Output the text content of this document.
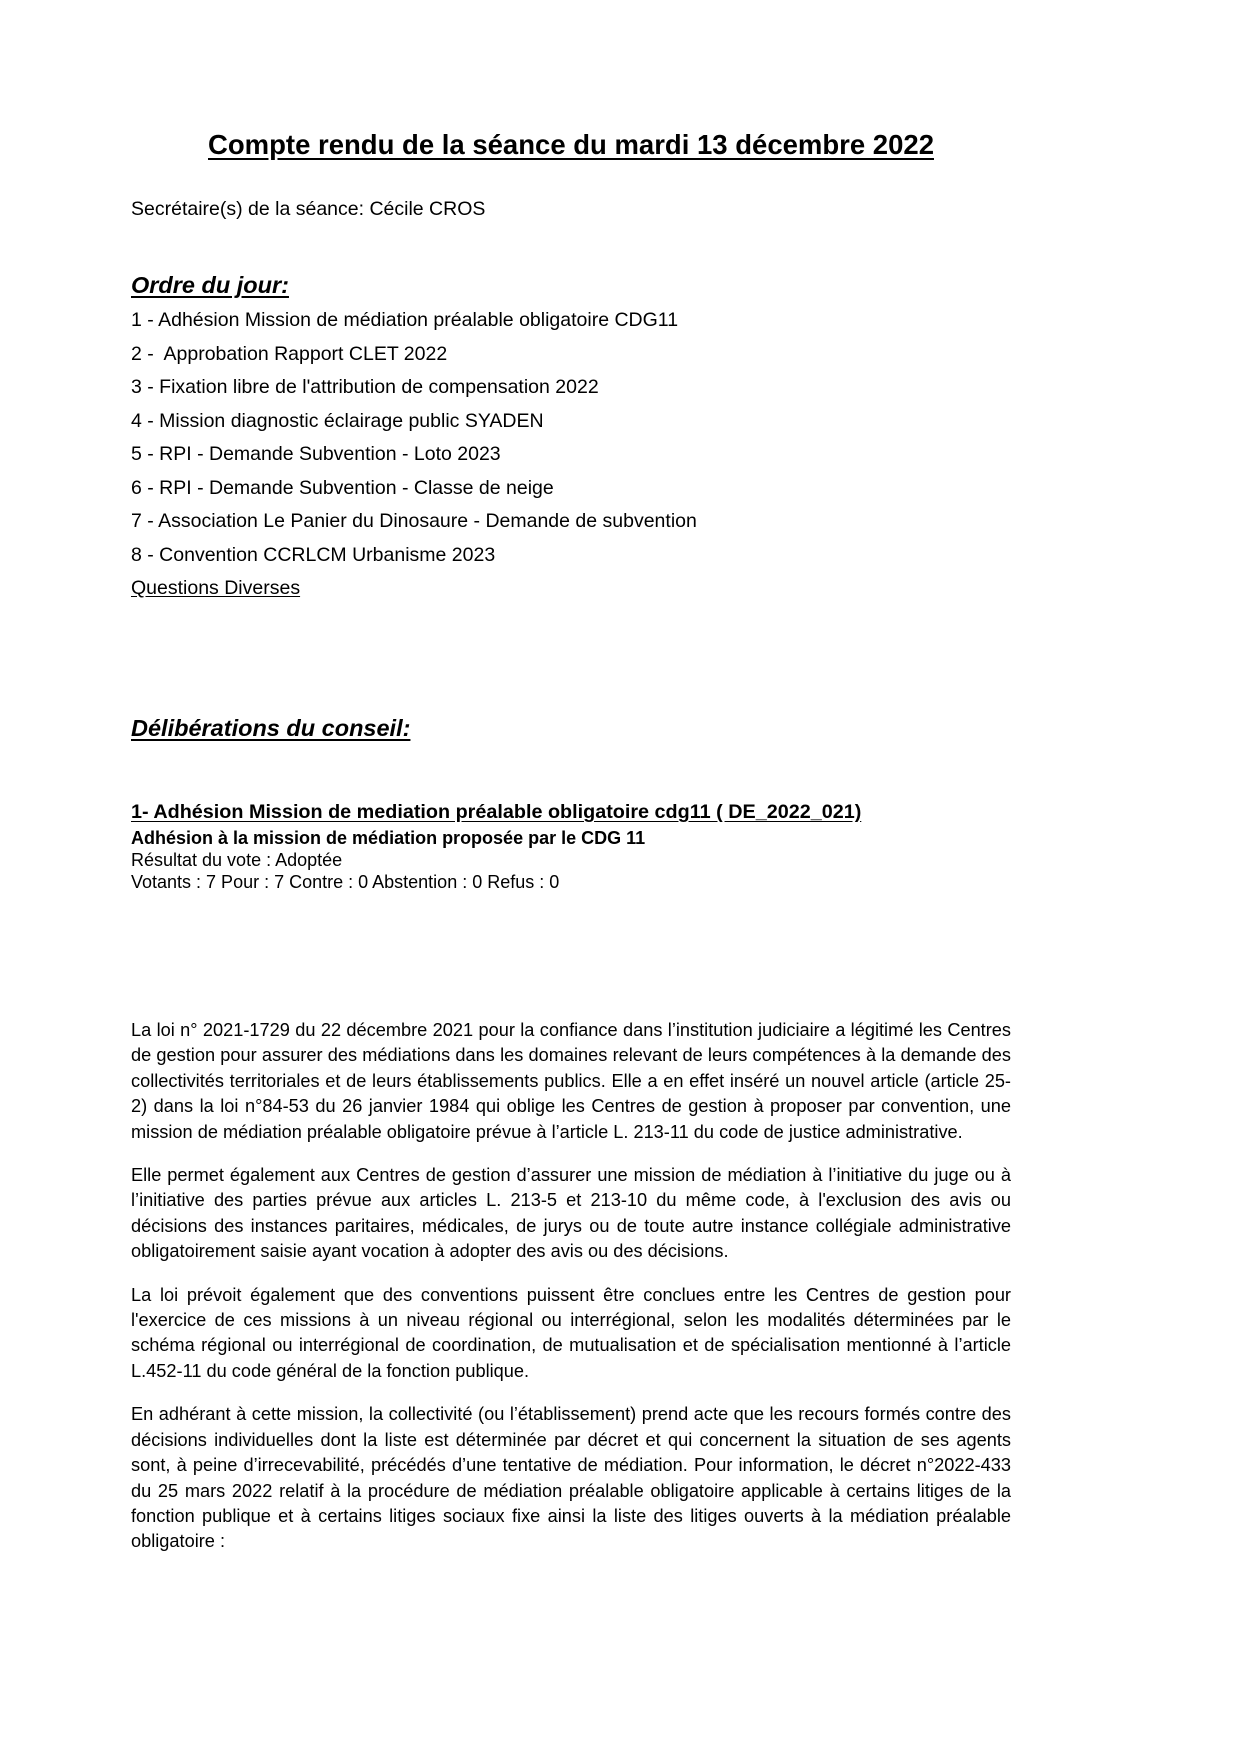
Compte rendu de la séance du mardi 13 décembre 2022
Secrétaire(s) de la séance: Cécile CROS
Ordre du jour:
1 - Adhésion Mission de médiation préalable obligatoire CDG11
2 -  Approbation Rapport CLET 2022
3 - Fixation libre de l'attribution de compensation 2022
4 - Mission diagnostic éclairage public SYADEN
5 - RPI - Demande Subvention - Loto 2023
6 - RPI - Demande Subvention - Classe de neige
7 - Association Le Panier du Dinosaure - Demande de subvention
8 - Convention CCRLCM Urbanisme 2023
Questions Diverses
Délibérations du conseil:
1- Adhésion Mission de mediation préalable obligatoire cdg11 ( DE_2022_021)

Adhésion à la mission de médiation proposée par le CDG 11

Résultat du vote : Adoptée

Votants : 7 Pour : 7 Contre : 0 Abstention : 0 Refus : 0

La loi n° 2021-1729 du 22 décembre 2021 pour la confiance dans l’institution judiciaire a légitimé les Centres de gestion pour assurer des médiations dans les domaines relevant de leurs compétences à la demande des collectivités territoriales et de leurs établissements publics. Elle a en effet inséré un nouvel article (article 25-2) dans la loi n°84-53 du 26 janvier 1984 qui oblige les Centres de gestion à proposer par convention, une mission de médiation préalable obligatoire prévue à l’article L. 213-11 du code de justice administrative.

Elle permet également aux Centres de gestion d’assurer une mission de médiation à l’initiative du juge ou à l’initiative des parties prévue aux articles L. 213-5 et 213-10 du même code, à l'exclusion des avis ou décisions des instances paritaires, médicales, de jurys ou de toute autre instance collégiale administrative obligatoirement saisie ayant vocation à adopter des avis ou des décisions.

La loi prévoit également que des conventions puissent être conclues entre les Centres de gestion pour l'exercice de ces missions à un niveau régional ou interrégional, selon les modalités déterminées par le schéma régional ou interrégional de coordination, de mutualisation et de spécialisation mentionné à l’article L.452-11 du code général de la fonction publique.

En adhérant à cette mission, la collectivité (ou l’établissement) prend acte que les recours formés contre des décisions individuelles dont la liste est déterminée par décret et qui concernent la situation de ses agents sont, à peine d’irrecevabilité, précédés d’une tentative de médiation. Pour information, le décret n°2022-433 du 25 mars 2022 relatif à la procédure de médiation préalable obligatoire applicable à certains litiges de la fonction publique et à certains litiges sociaux fixe ainsi la liste des litiges ouverts à la médiation préalable obligatoire :
